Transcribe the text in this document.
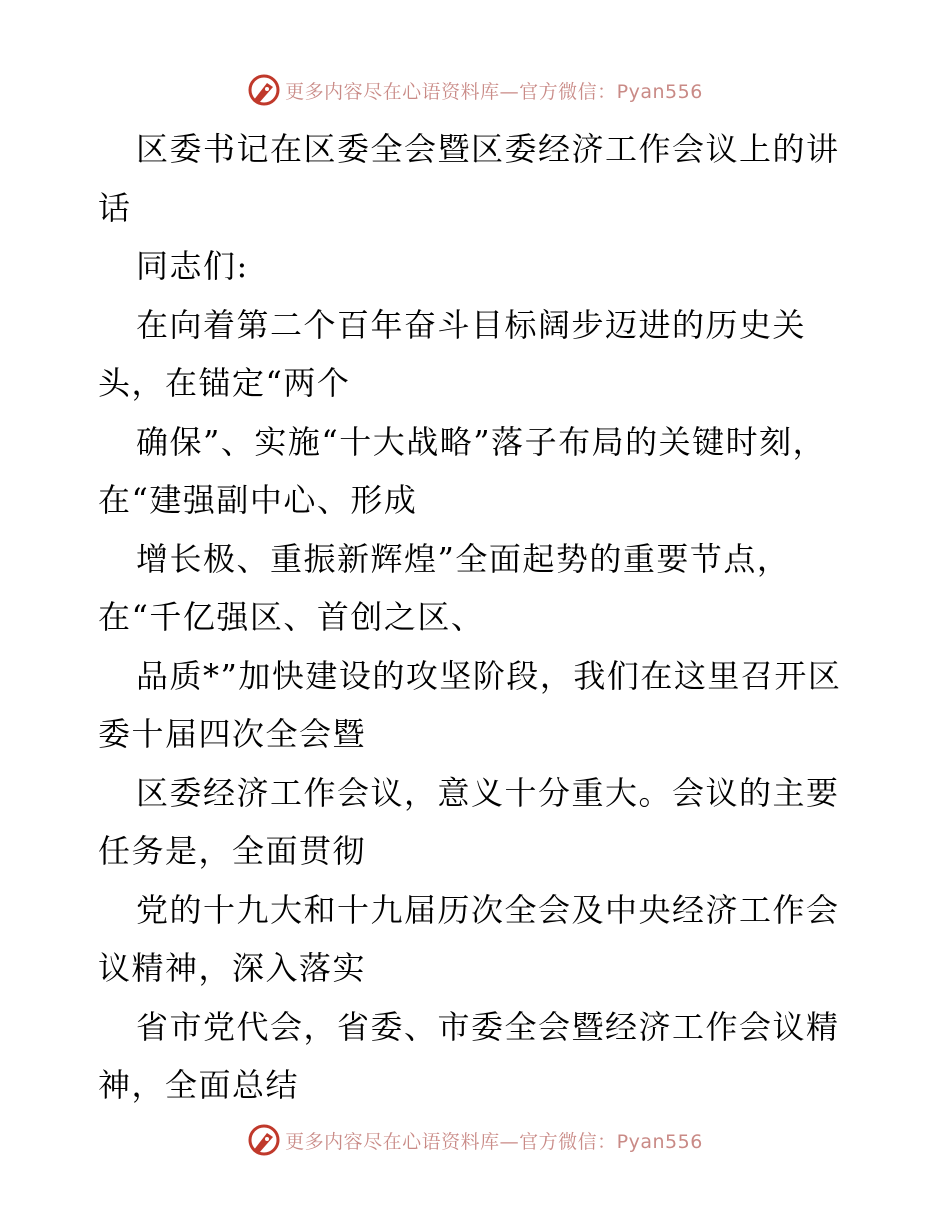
更多内容尽在心语资料库—官方微信：Pyan556

区委书记在区委全会暨区委经济工作会议上的讲话

同志们:

在向着第二个百年奋斗目标阔步迈进的历史关头，在锚定“两个

确保”、实施“十大战略”落子布局的关键时刻，在“建强副中心、形成

增长极、重振新辉煌”全面起势的重要节点，在“千亿强区、首创之区、

品质*”加快建设的攻坚阶段，我们在这里召开区委十届四次全会暨

区委经济工作会议，意义十分重大。会议的主要任务是，全面贯彻

党的十九大和十九届历次全会及中央经济工作会议精神，深入落实

省市党代会，省委、市委全会暨经济工作会议精神，全面总结

更多内容尽在心语资料库—官方微信：Pyan556
